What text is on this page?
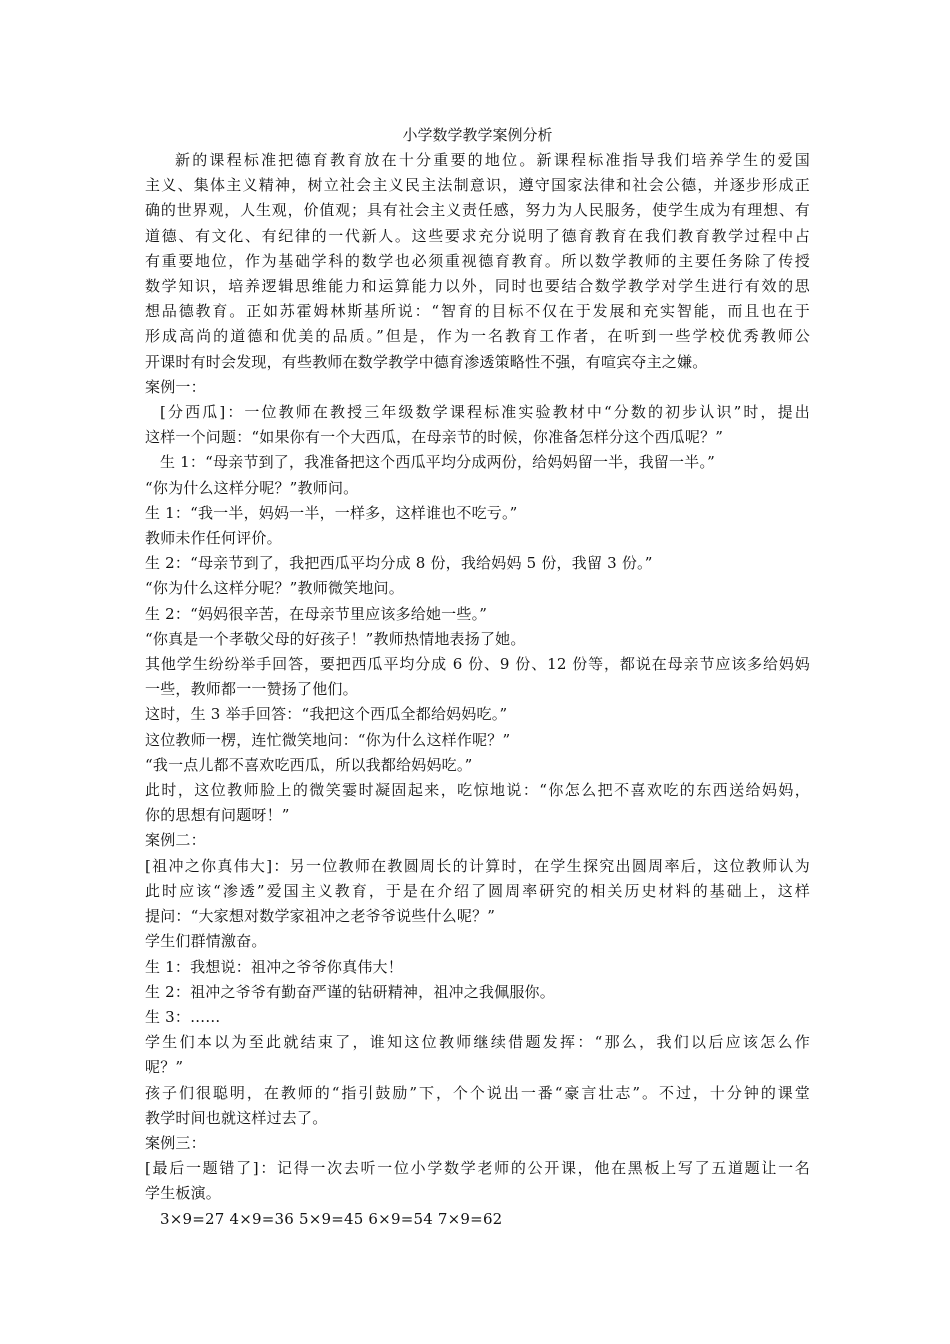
小学数学教学案例分析

新的课程标准把德育教育放在十分重要的地位。新课程标准指导我们培养学生的爱国

主义、集体主义精神，树立社会主义民主法制意识，遵守国家法律和社会公德，并逐步形成正

确的世界观，人生观，价值观；具有社会主义责任感，努力为人民服务，使学生成为有理想、有

道德、有文化、有纪律的一代新人。这些要求充分说明了德育教育在我们教育教学过程中占

有重要地位，作为基础学科的数学也必须重视德育教育。所以数学教师的主要任务除了传授

数学知识，培养逻辑思维能力和运算能力以外，同时也要结合数学教学对学生进行有效的思

想品德教育。正如苏霍姆林斯基所说：“智育的目标不仅在于发展和充实智能，而且也在于

形成高尚的道德和优美的品质。”但是，作为一名教育工作者，在听到一些学校优秀教师公

开课时有时会发现，有些教师在数学教学中德育渗透策略性不强，有喧宾夺主之嫌。

案例一：

[分西瓜]：一位教师在教授三年级数学课程标准实验教材中“分数的初步认识”时，提出

这样一个问题：“如果你有一个大西瓜，在母亲节的时候，你准备怎样分这个西瓜呢？”

生 1：“母亲节到了，我准备把这个西瓜平均分成两份，给妈妈留一半，我留一半。”

“你为什么这样分呢？”教师问。

生 1：“我一半，妈妈一半，一样多，这样谁也不吃亏。”

教师未作任何评价。

生 2：“母亲节到了，我把西瓜平均分成 8 份，我给妈妈 5 份，我留 3 份。”

“你为什么这样分呢？”教师微笑地问。

生 2：“妈妈很辛苦，在母亲节里应该多给她一些。”

“你真是一个孝敬父母的好孩子！”教师热情地表扬了她。

其他学生纷纷举手回答，要把西瓜平均分成 6 份、9 份、12 份等，都说在母亲节应该多给妈妈

一些，教师都一一赞扬了他们。

这时，生 3 举手回答：“我把这个西瓜全都给妈妈吃。”

这位教师一楞，连忙微笑地问：“你为什么这样作呢？”

“我一点儿都不喜欢吃西瓜，所以我都给妈妈吃。”

此时，这位教师脸上的微笑霎时凝固起来，吃惊地说：“你怎么把不喜欢吃的东西送给妈妈，

你的思想有问题呀！”

案例二：

[祖冲之你真伟大]：另一位教师在教圆周长的计算时，在学生探究出圆周率后，这位教师认为

此时应该“渗透”爱国主义教育，于是在介绍了圆周率研究的相关历史材料的基础上，这样

提问：“大家想对数学家祖冲之老爷爷说些什么呢？”

学生们群情激奋。

生 1：我想说：祖冲之爷爷你真伟大！

生 2：祖冲之爷爷有勤奋严谨的钻研精神，祖冲之我佩服你。

生 3：……

学生们本以为至此就结束了，谁知这位教师继续借题发挥：“那么，我们以后应该怎么作

呢？”

孩子们很聪明，在教师的“指引鼓励”下，个个说出一番“豪言壮志”。不过，十分钟的课堂

教学时间也就这样过去了。

案例三：

[最后一题错了]：记得一次去听一位小学数学老师的公开课，他在黑板上写了五道题让一名

学生板演。

3×9=27 4×9=36 5×9=45 6×9=54 7×9=62
